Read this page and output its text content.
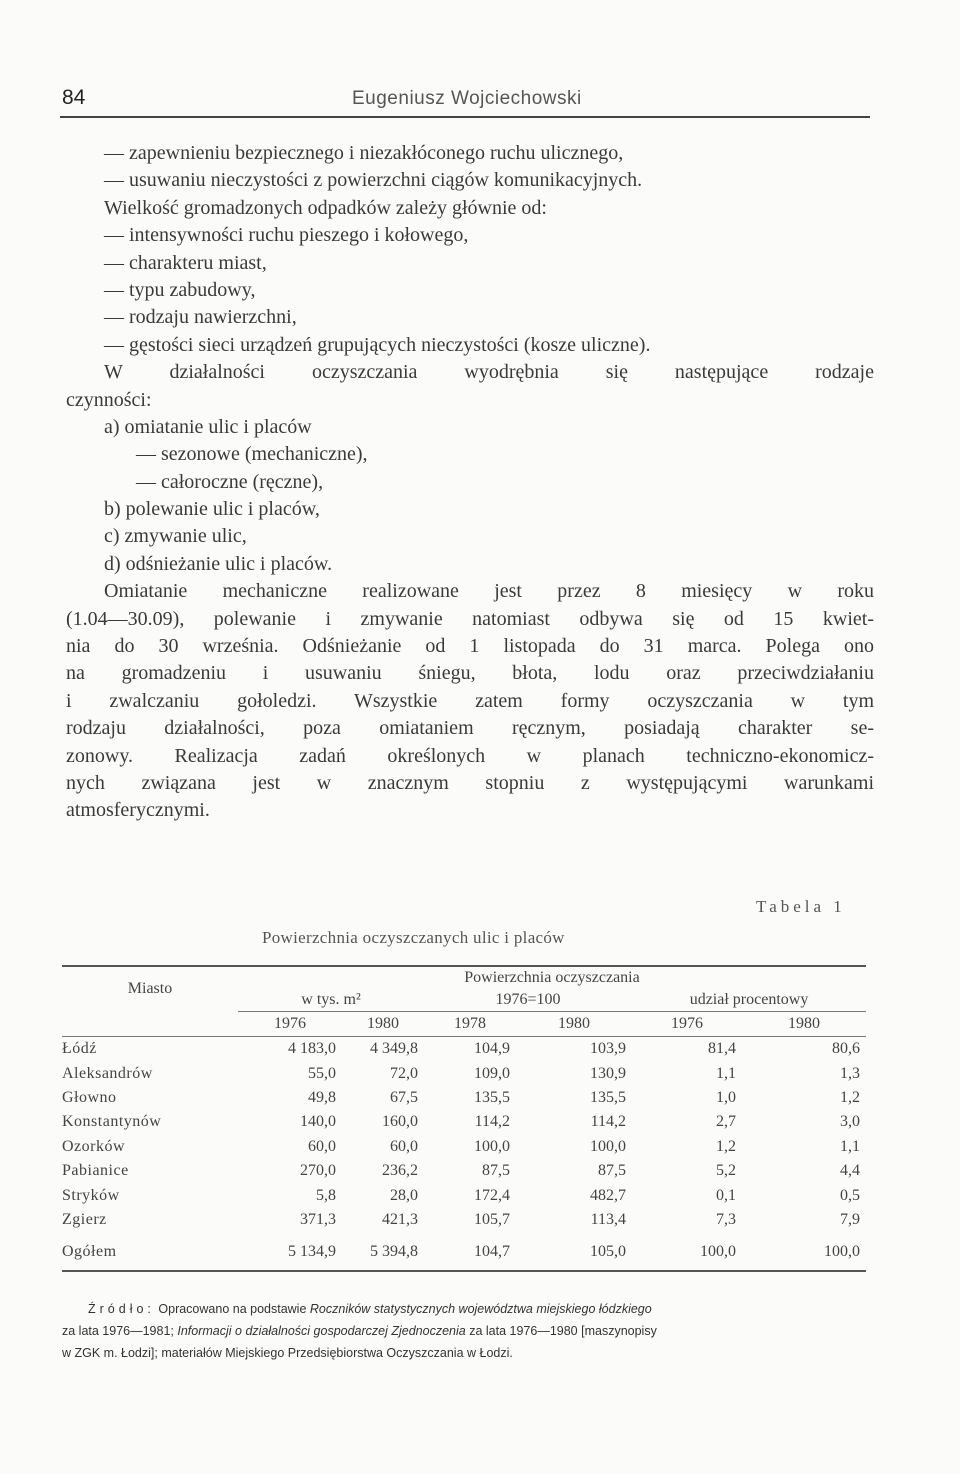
84	Eugeniusz Wojciechowski
— zapewnieniu bezpiecznego i niezakłóconego ruchu ulicznego,
— usuwaniu nieczystości z powierzchni ciągów komunikacyjnych.
Wielkość gromadzonych odpadków zależy głównie od:
— intensywności ruchu pieszego i kołowego,
— charakteru miast,
— typu zabudowy,
— rodzaju nawierzchni,
— gęstości sieci urządzeń grupujących nieczystości (kosze uliczne).
W działalności oczyszczania wyodrębnia się następujące rodzaje
czynności:
a) omiatanie ulic i placów
— sezonowe (mechaniczne),
— całoroczne (ręczne),
b) polewanie ulic i placów,
c) zmywanie ulic,
d) odśnieżanie ulic i placów.
Omiatanie mechaniczne realizowane jest przez 8 miesięcy w roku
(1.04—30.09), polewanie i zmywanie natomiast odbywa się od 15 kwiet-
nia do 30 września. Odśnieżanie od 1 listopada do 31 marca. Polega ono
na gromadzeniu i usuwaniu śniegu, błota, lodu oraz przeciwdziałaniu
i zwalczaniu gołoledzi. Wszystkie zatem formy oczyszczania w tym
rodzaju działalności, poza omiataniem ręcznym, posiadają charakter se-
zonowy. Realizacja zadań określonych w planach techniczno-ekonomicz-
nych związana jest w znacznym stopniu z występującymi warunkami
atmosferycznymi.
Tabela 1
Powierzchnia oczyszczanych ulic i placów
Miasto	Powierzchnia oczyszczania					
	w tys. m²		1976=100		udział procentowy	

	1976	1980	1978	1980	1976	1980

Łódź	4 183,0	4 349,8	104,9	103,9	81,4	80,6
Aleksandrów	55,0	72,0	109,0	130,9	1,1	1,3
Głowno	49,8	67,5	135,5	135,5	1,0	1,2
Konstantynów	140,0	160,0	114,2	114,2	2,7	3,0
Ozorków	60,0	60,0	100,0	100,0	1,2	1,1
Pabianice	270,0	236,2	87,5	87,5	5,2	4,4
Stryków	5,8	28,0	172,4	482,7	0,1	0,5
Zgierz	371,3	421,3	105,7	113,4	7,3	7,9
Ogółem	5 134,9	5 394,8	104,7	105,0	100,0	100,0
Źródło: Opracowano na podstawie Roczników statystycznych województwa miejskiego łódzkiego
za lata 1976—1981; Informacji o działalności gospodarczej Zjednoczenia za lata 1976—1980 [maszynopisy
w ZGK m. Łodzi]; materiałów Miejskiego Przedsiębiorstwa Oczyszczania w Łodzi.
